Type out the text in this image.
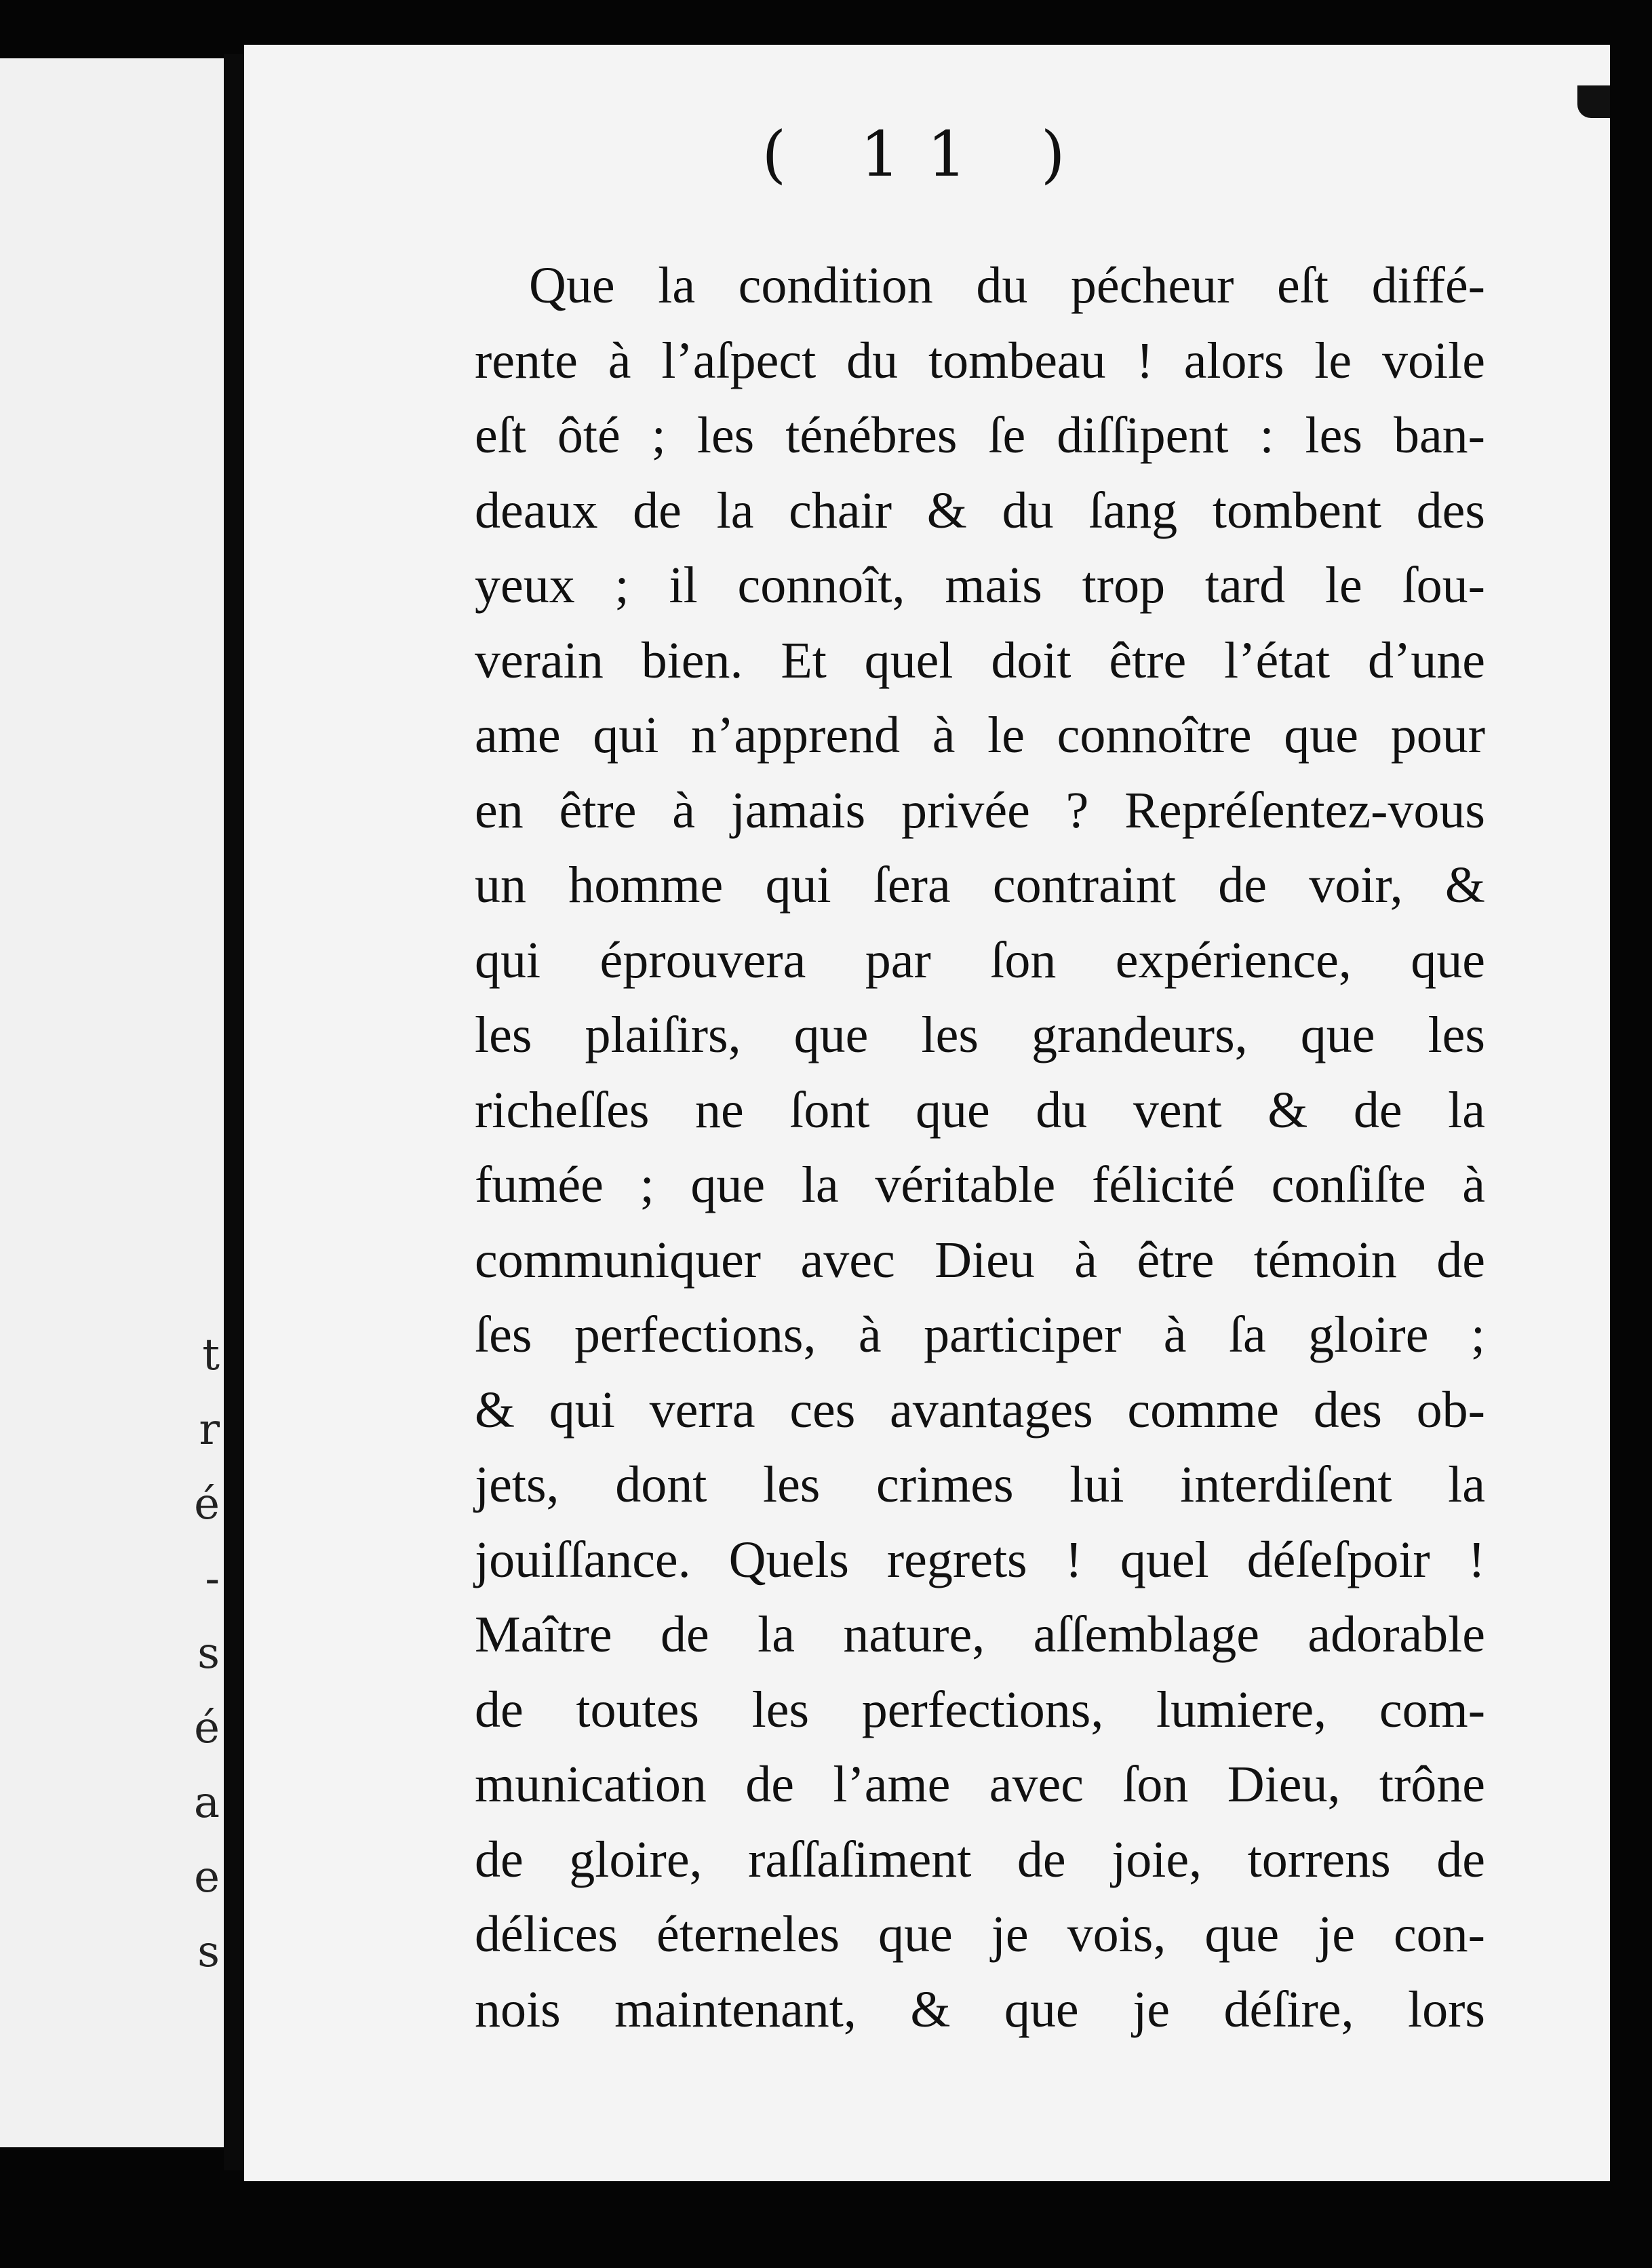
t
r
é
-
s
é
a
e
s
( 11 )

Que la condition du pécheur eſt diffé-
rente à l’aſpect du tombeau ! alors le voile
eſt ôté ; les ténébres ſe diſſipent : les ban-
deaux de la chair & du ſang tombent des
yeux ; il connoît, mais trop tard le ſou-
verain bien. Et quel doit être l’état d’une
ame qui n’apprend à le connoître que pour
en être à jamais privée ? Repréſentez-vous
un homme qui ſera contraint de voir, &
qui éprouvera par ſon expérience, que
les plaiſirs, que les grandeurs, que les
richeſſes ne ſont que du vent & de la
fumée ; que la véritable félicité conſiſte à
communiquer avec Dieu à être témoin de
ſes perfections, à participer à ſa gloire ;
& qui verra ces avantages comme des ob-
jets, dont les crimes lui interdiſent la
jouiſſance. Quels regrets ! quel déſeſpoir !
Maître de la nature, aſſemblage adorable
de toutes les perfections, lumiere, com-
munication de l’ame avec ſon Dieu, trône
de gloire, raſſaſiment de joie, torrens de
délices éterneles que je vois, que je con-
nois maintenant, & que je déſire, lors
